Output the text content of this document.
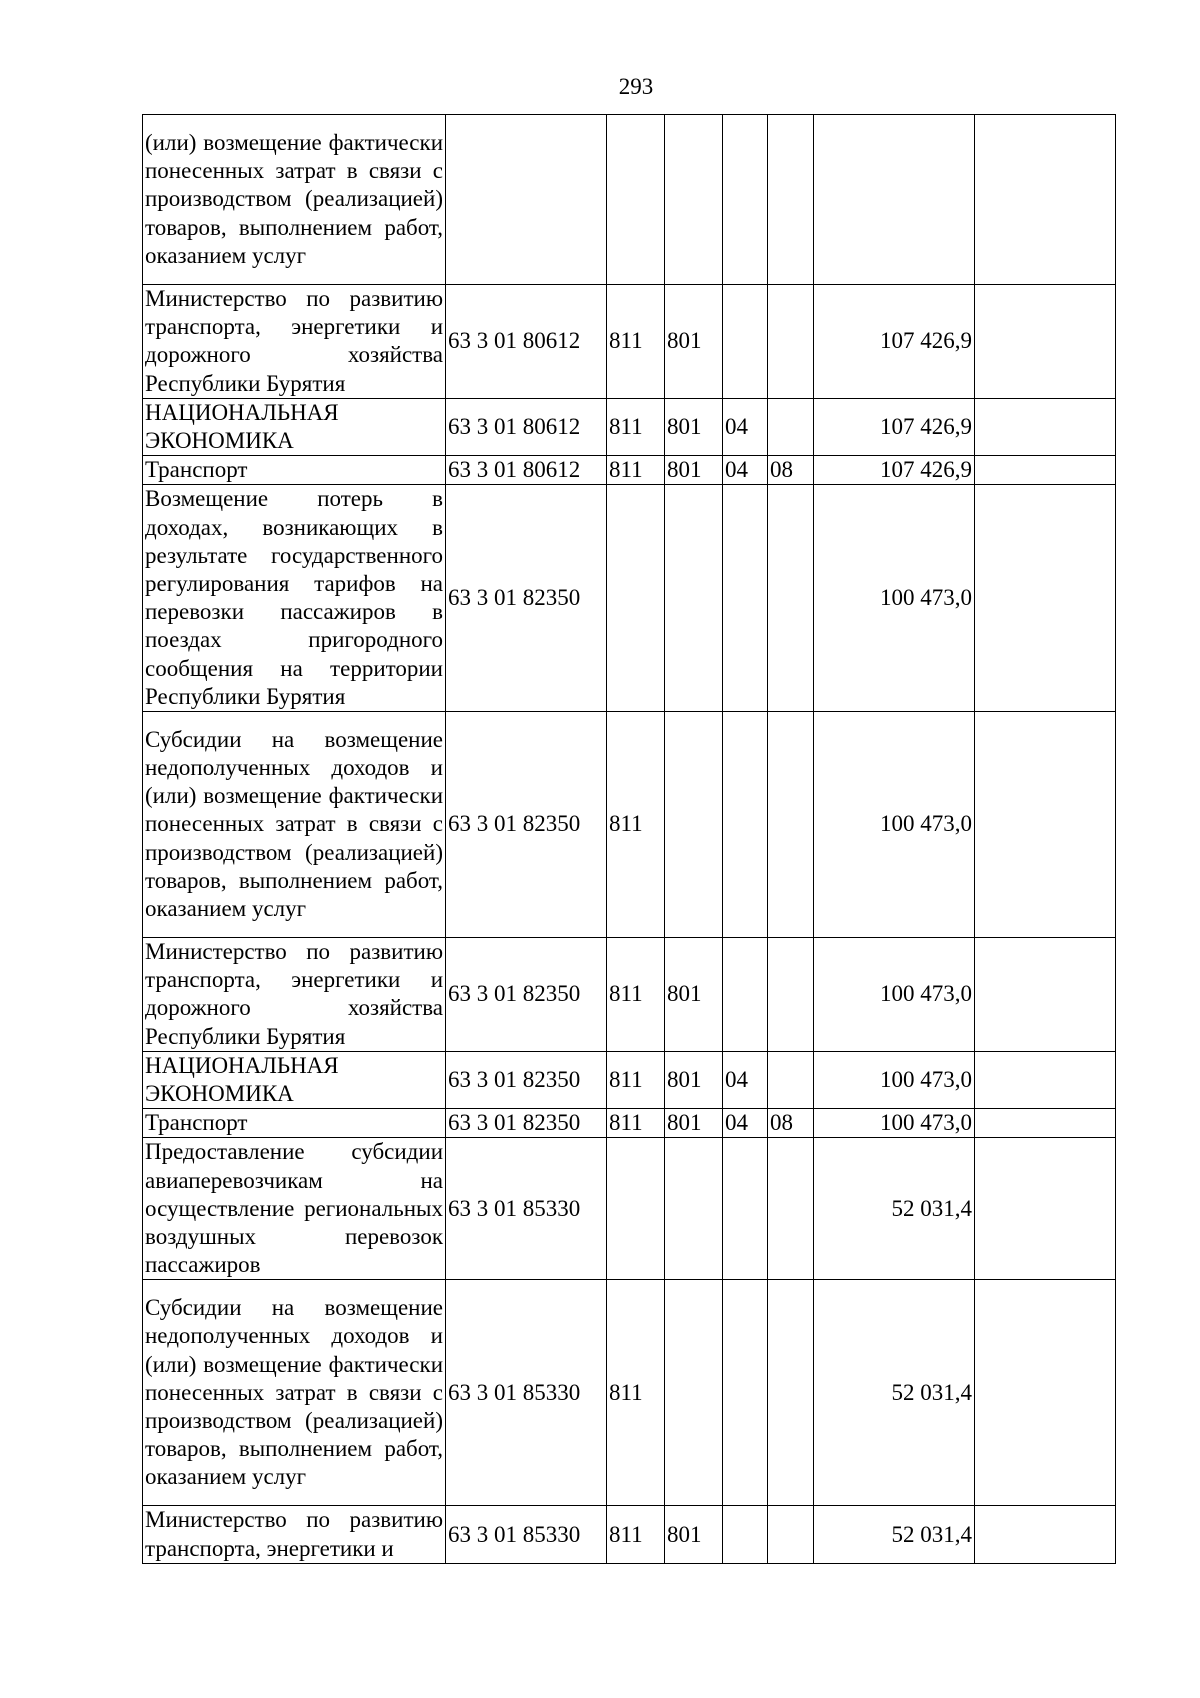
293
(или) возмещение фактически понесенных затрат в связи с производством (реализацией) товаров, выполнением работ, оказанием услуг							
Министерство по развитию транспорта, энергетики и дорожного хозяйства Республики Бурятия	63 3 01 80612	811	801			107 426,9	
НАЦИОНАЛЬНАЯ ЭКОНОМИКА	63 3 01 80612	811	801	04		107 426,9	
Транспорт	63 3 01 80612	811	801	04	08	107 426,9	
Возмещение потерь в доходах, возникающих в результате государственного регулирования тарифов на перевозки пассажиров в поездах пригородного сообщения на территории Республики Бурятия	63 3 01 82350					100 473,0	
Субсидии на возмещение недополученных доходов и (или) возмещение фактически понесенных затрат в связи с производством (реализацией) товаров, выполнением работ, оказанием услуг	63 3 01 82350	811				100 473,0	
Министерство по развитию транспорта, энергетики и дорожного хозяйства Республики Бурятия	63 3 01 82350	811	801			100 473,0	
НАЦИОНАЛЬНАЯ ЭКОНОМИКА	63 3 01 82350	811	801	04		100 473,0	
Транспорт	63 3 01 82350	811	801	04	08	100 473,0	
Предоставление субсидии авиаперевозчикам на осуществление региональных воздушных перевозок пассажиров	63 3 01 85330					52 031,4	
Субсидии на возмещение недополученных доходов и (или) возмещение фактически понесенных затрат в связи с производством (реализацией) товаров, выполнением работ, оказанием услуг	63 3 01 85330	811				52 031,4	
Министерство по развитию транспорта, энергетики и	63 3 01 85330	811	801			52 031,4	
